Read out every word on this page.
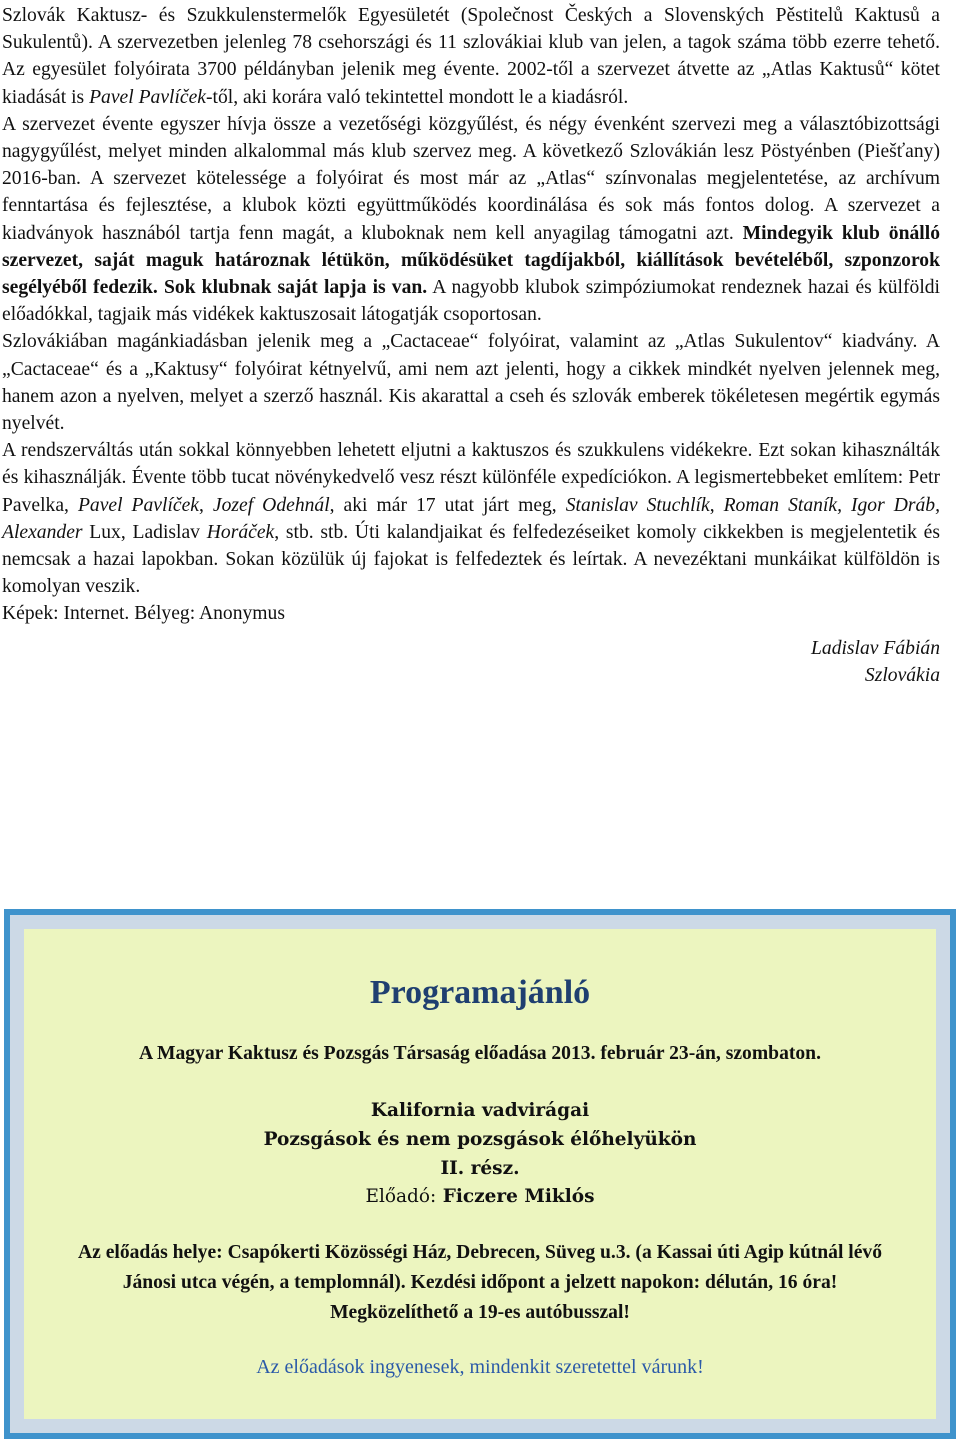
Szlovák Kaktusz- és Szukkulenstermelők Egyesületét (Společnost Českých a Slovenských Pěstitelů Kaktusů a Sukulentů). A szervezetben jelenleg 78 csehországi és 11 szlovákiai klub van jelen, a tagok száma több ezerre tehető. Az egyesület folyóirata 3700 példányban jelenik meg évente. 2002-től a szervezet átvette az „Atlas Kaktusů“ kötet kiadását is Pavel Pavlíček-től, aki korára való tekintettel mondott le a kiadásról.

A szervezet évente egyszer hívja össze a vezetőségi közgyűlést, és négy évenként szervezi meg a választóbizottsági nagygyűlést, melyet minden alkalommal más klub szervez meg. A következő Szlovákián lesz Pöstyénben (Piešťany) 2016-ban. A szervezet kötelessége a folyóirat és most már az „Atlas“ színvonalas megjelentetése, az archívum fenntartása és fejlesztése, a klubok közti együttműködés koordinálása és sok más fontos dolog. A szervezet a kiadványok hasznából tartja fenn magát, a kluboknak nem kell anyagilag támogatni azt. Mindegyik klub önálló szervezet, saját maguk határoznak létükön, működésüket tagdíjakból, kiállítások bevételéből, szponzorok segélyéből fedezik. Sok klubnak saját lapja is van. A nagyobb klubok szimpóziumokat rendeznek hazai és külföldi előadókkal, tagjaik más vidékek kaktuszosait látogatják csoportosan.

Szlovákiában magánkiadásban jelenik meg a „Cactaceae“ folyóirat, valamint az „Atlas Sukulentov“ kiadvány. A „Cactaceae“ és a „Kaktusy“ folyóirat kétnyelvű, ami nem azt jelenti, hogy a cikkek mindkét nyelven jelennek meg, hanem azon a nyelven, melyet a szerző használ. Kis akarattal a cseh és szlovák emberek tökéletesen megértik egymás nyelvét.

A rendszerváltás után sokkal könnyebben lehetett eljutni a kaktuszos és szukkulens vidékekre. Ezt sokan kihasználták és kihasználják. Évente több tucat növénykedvelő vesz részt különféle expedíciókon. A legismertebbeket említem: Petr Pavelka, Pavel Pavlíček, Jozef Odehnál, aki már 17 utat járt meg, Stanislav Stuchlík, Roman Staník, Igor Dráb, Alexander Lux, Ladislav Horáček, stb. stb. Úti kalandjaikat és felfedezéseiket komoly cikkekben is megjelentetik és nemcsak a hazai lapokban. Sokan közülük új fajokat is felfedeztek és leírtak. A nevezéktani munkáikat külföldön is komolyan veszik.

Képek: Internet. Bélyeg: Anonymus

Ladislav Fábián
Szlovákia

Programajánló
A Magyar Kaktusz és Pozsgás Társaság előadása 2013. február 23-án, szombaton.
Kalifornia vadvirágai
Pozsgások és nem pozsgások élőhelyükön
II. rész.
Előadó: Ficzere Miklós
Az előadás helye: Csapókerti Közösségi Ház, Debrecen, Süveg u.3. (a Kassai úti Agip kútnál lévő Jánosi utca végén, a templomnál). Kezdési időpont a jelzett napokon: délután, 16 óra! Megközelíthető a 19-es autóbusszal!
Az előadások ingyenesek, mindenkit szeretettel várunk!
